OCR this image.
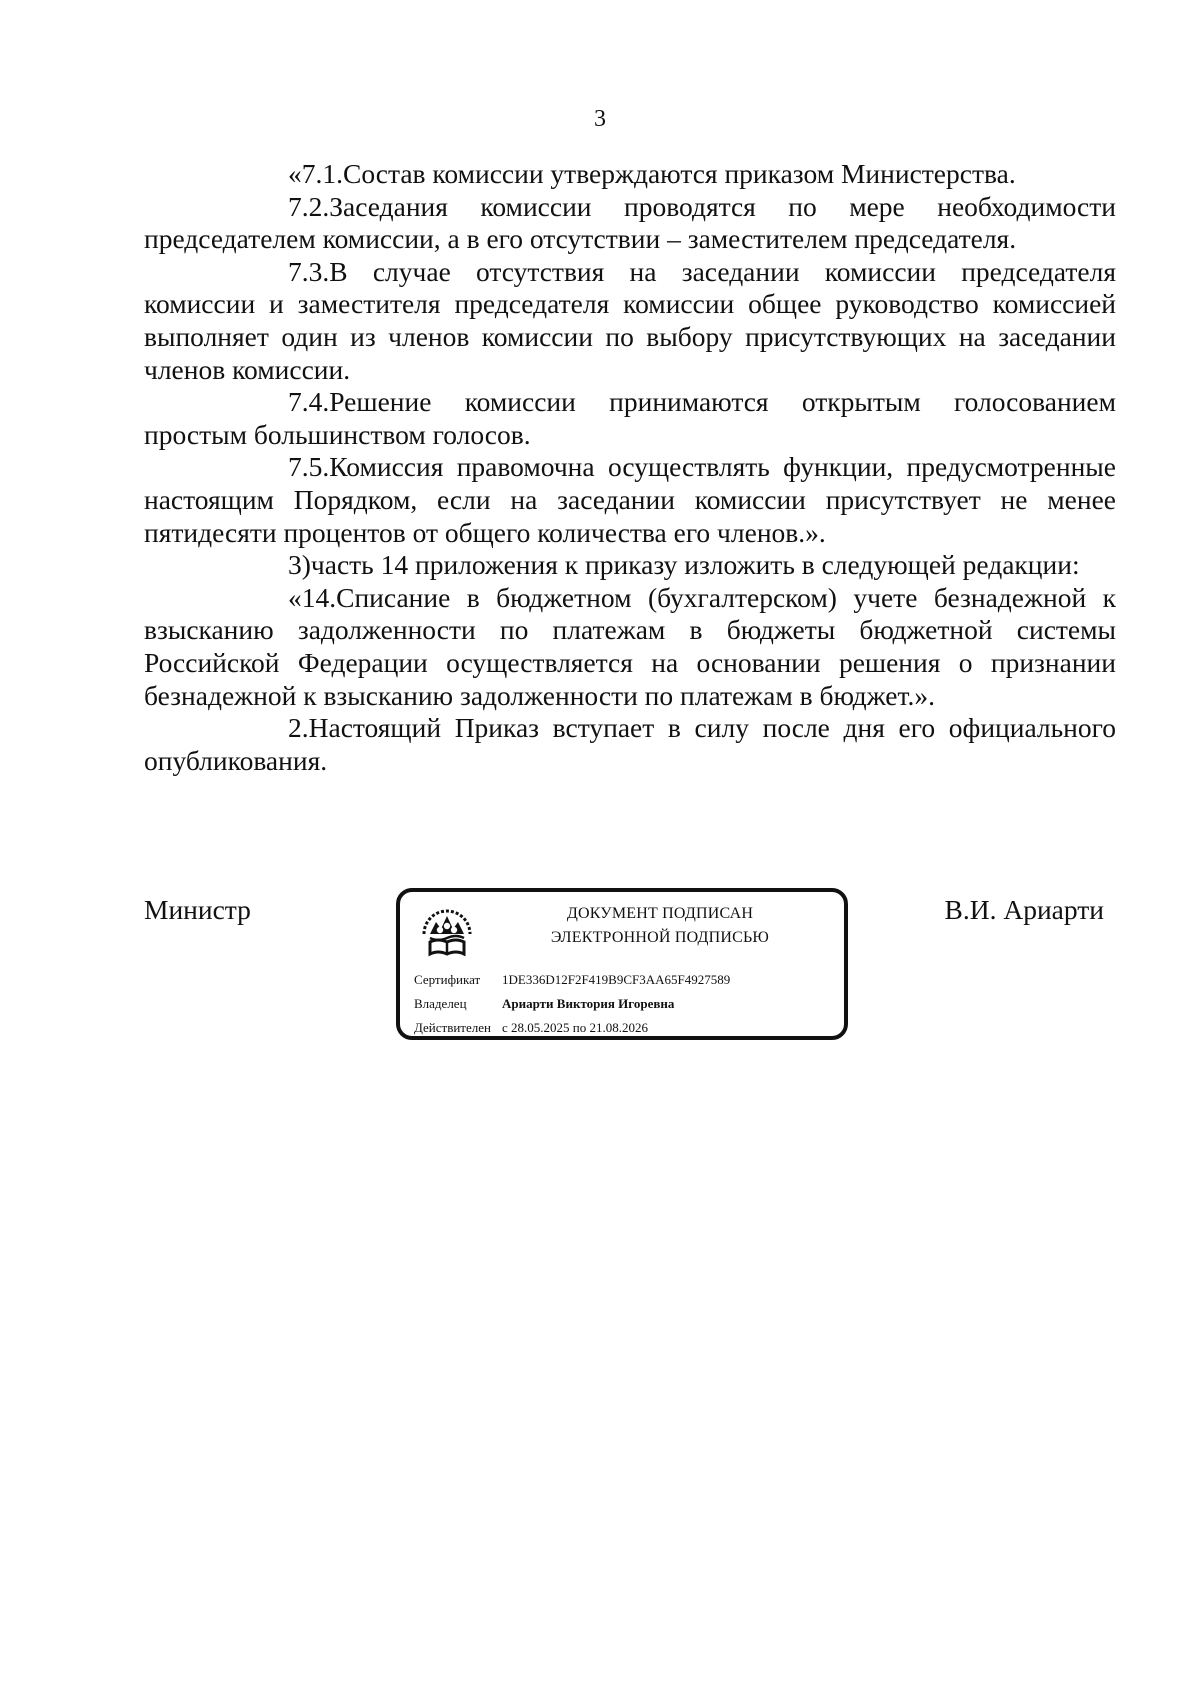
3

«7.1.Состав комиссии утверждаются приказом Министерства.

7.2.Заседания комиссии проводятся по мере необходимости председателем комиссии, а в его отсутствии – заместителем председателя.

7.3.В случае отсутствия на заседании комиссии председателя комиссии и заместителя председателя комиссии общее руководство комиссией выполняет один из членов комиссии по выбору присутствующих на заседании членов комиссии.

7.4.Решение комиссии принимаются открытым голосованием простым большинством голосов.

7.5.Комиссия правомочна осуществлять функции, предусмотренные настоящим Порядком, если на заседании комиссии присутствует не менее пятидесяти процентов от общего количества его членов.».

3)часть 14 приложения к приказу изложить в следующей редакции:

«14.Списание в бюджетном (бухгалтерском) учете безнадежной к взысканию задолженности по платежам в бюджеты бюджетной системы Российской Федерации осуществляется на основании решения о признании безнадежной к взысканию задолженности по платежам в бюджет.».

2.Настоящий Приказ вступает в силу после дня его официального опубликования.

Министр	ДОКУМЕНТ ПОДПИСАН
ЭЛЕКТРОННОЙ ПОДПИСЬЮ
Сертификат 1DE336D12F2F419B9CF3AA65F4927589
Владелец	Ариарти Виктория Игоревна
Действителен с 28.05.2025 по 21.08.2026
В.И. Ариарти
